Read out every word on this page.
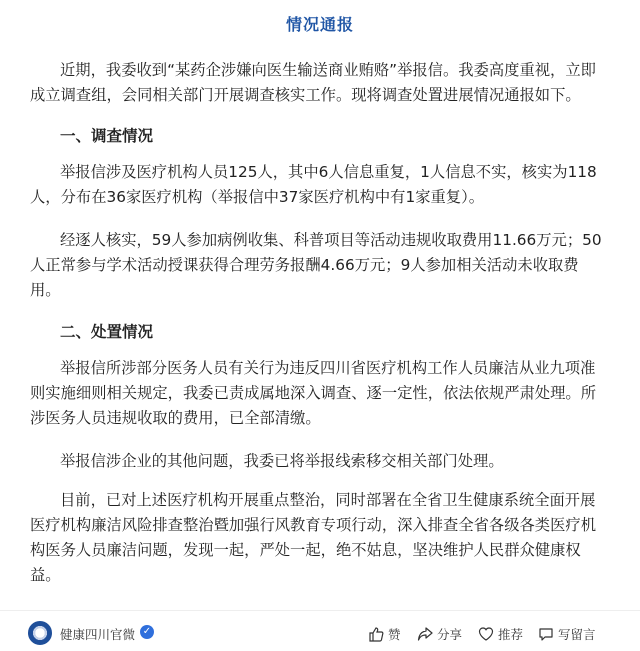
情况通报
近期，我委收到“某药企涉嫌向医生输送商业贿赂”举报信。我委高度重视，立即
成立调查组，会同相关部门开展调查核实工作。现将调查处置进展情况通报如下。
一、调查情况
举报信涉及医疗机构人员125人，其中6人信息重复，1人信息不实，核实为118
人，分布在36家医疗机构（举报信中37家医疗机构中有1家重复）。
经逐人核实，59人参加病例收集、科普项目等活动违规收取费用11.66万元；50
人正常参与学术活动授课获得合理劳务报酬4.66万元；9人参加相关活动未收取费
用。
二、处置情况
举报信所涉部分医务人员有关行为违反四川省医疗机构工作人员廉洁从业九项准
则实施细则相关规定，我委已责成属地深入调查、逐一定性，依法依规严肃处理。所
涉医务人员违规收取的费用，已全部清缴。
举报信涉企业的其他问题，我委已将举报线索移交相关部门处理。
目前，已对上述医疗机构开展重点整治，同时部署在全省卫生健康系统全面开展
医疗机构廉洁风险排查整治暨加强行风教育专项行动，深入排查全省各级各类医疗机
构医务人员廉洁问题，发现一起，严处一起，绝不姑息，坚决维护人民群众健康权
益。
健康四川官微 ✓	赞	分享	推荐	写留言
